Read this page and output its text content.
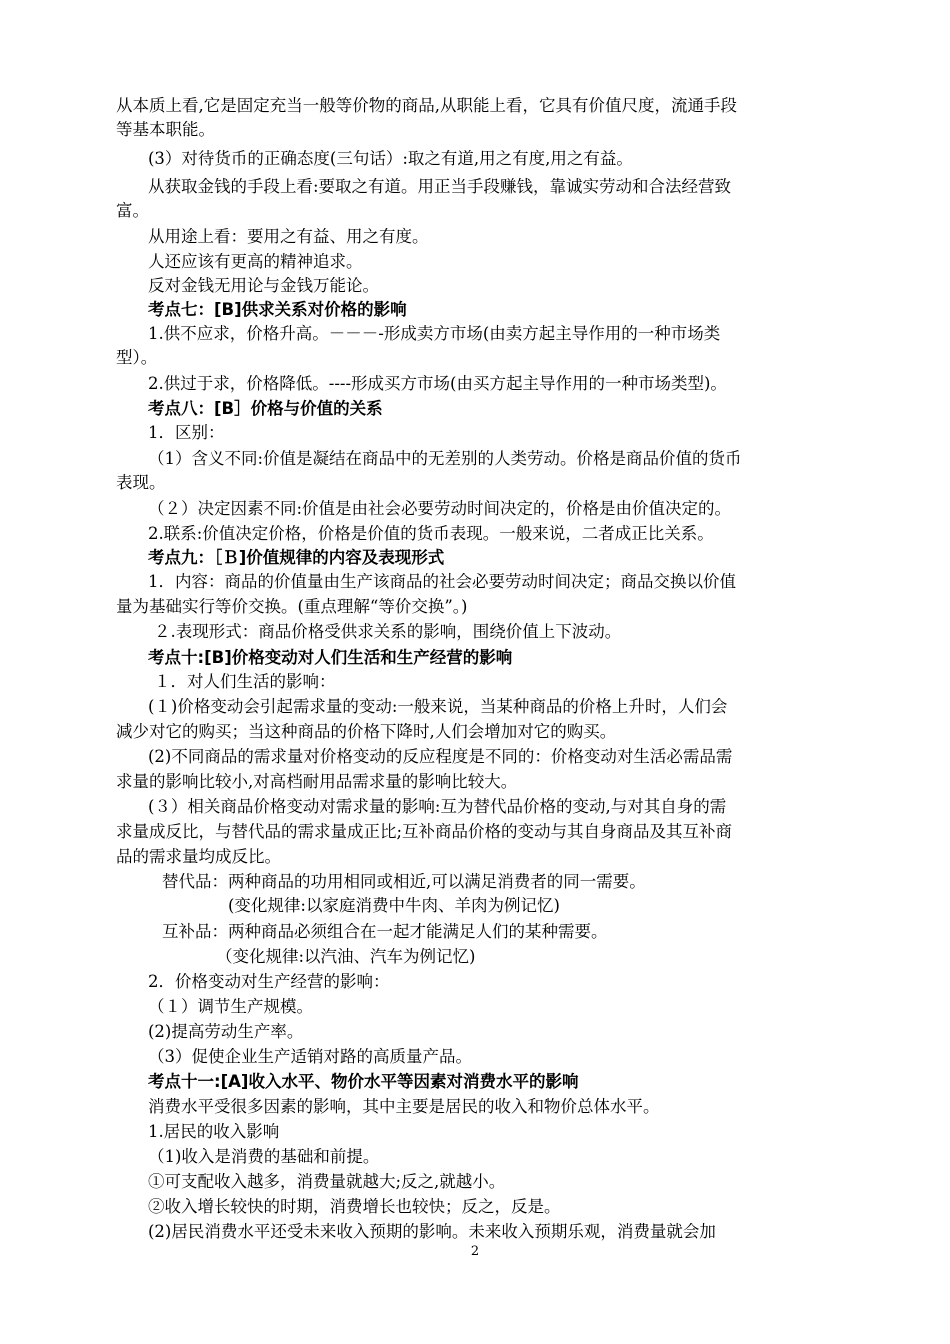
从本质上看,它是固定充当一般等价物的商品,从职能上看，它具有价值尺度，流通手段
等基本职能。
(3）对待货币的正确态度(三句话）:取之有道,用之有度,用之有益。
从获取金钱的手段上看:要取之有道。用正当手段赚钱，靠诚实劳动和合法经营致
富。
从用途上看：要用之有益、用之有度。
人还应该有更高的精神追求。
反对金钱无用论与金钱万能论。
考点七：[B]供求关系对价格的影响
1.供不应求，价格升高。－－－-形成卖方市场(由卖方起主导作用的一种市场类
型）。
2.供过于求，价格降低。----形成买方市场(由买方起主导作用的一种市场类型)。
考点八：[B］价格与价值的关系
1．区别：
（1）含义不同:价值是凝结在商品中的无差别的人类劳动。价格是商品价值的货币
表现。
（２）决定因素不同:价值是由社会必要劳动时间决定的，价格是由价值决定的。
2.联系:价值决定价格，价格是价值的货币表现。一般来说，二者成正比关系。
考点九：［Ｂ]价值规律的内容及表现形式
1．内容：商品的价值量由生产该商品的社会必要劳动时间决定；商品交换以价值
量为基础实行等价交换。(重点理解“等价交换”。)
２.表现形式：商品价格受供求关系的影响，围绕价值上下波动。
考点十:[B]价格变动对人们生活和生产经营的影响
１．对人们生活的影响：
(１)价格变动会引起需求量的变动:一般来说，当某种商品的价格上升时，人们会
减少对它的购买；当这种商品的价格下降时,人们会增加对它的购买。
(2)不同商品的需求量对价格变动的反应程度是不同的：价格变动对生活必需品需
求量的影响比较小,对高档耐用品需求量的影响比较大。
(３）相关商品价格变动对需求量的影响:互为替代品价格的变动,与对其自身的需
求量成反比，与替代品的需求量成正比;互补商品价格的变动与其自身商品及其互补商
品的需求量均成反比。
替代品：两种商品的功用相同或相近,可以满足消费者的同一需要。
(变化规律:以家庭消费中牛肉、羊肉为例记忆)
互补品：两种商品必须组合在一起才能满足人们的某种需要。
（变化规律:以汽油、汽车为例记忆)
2．价格变动对生产经营的影响：
（１）调节生产规模。
(2)提高劳动生产率。
（3）促使企业生产适销对路的高质量产品。
考点十一:[A]收入水平、物价水平等因素对消费水平的影响
消费水平受很多因素的影响，其中主要是居民的收入和物价总体水平。
1.居民的收入影响
（1)收入是消费的基础和前提。
①可支配收入越多，消费量就越大;反之,就越小。
②收入增长较快的时期，消费增长也较快；反之，反是。
(2)居民消费水平还受未来收入预期的影响。未来收入预期乐观，消费量就会加
2
